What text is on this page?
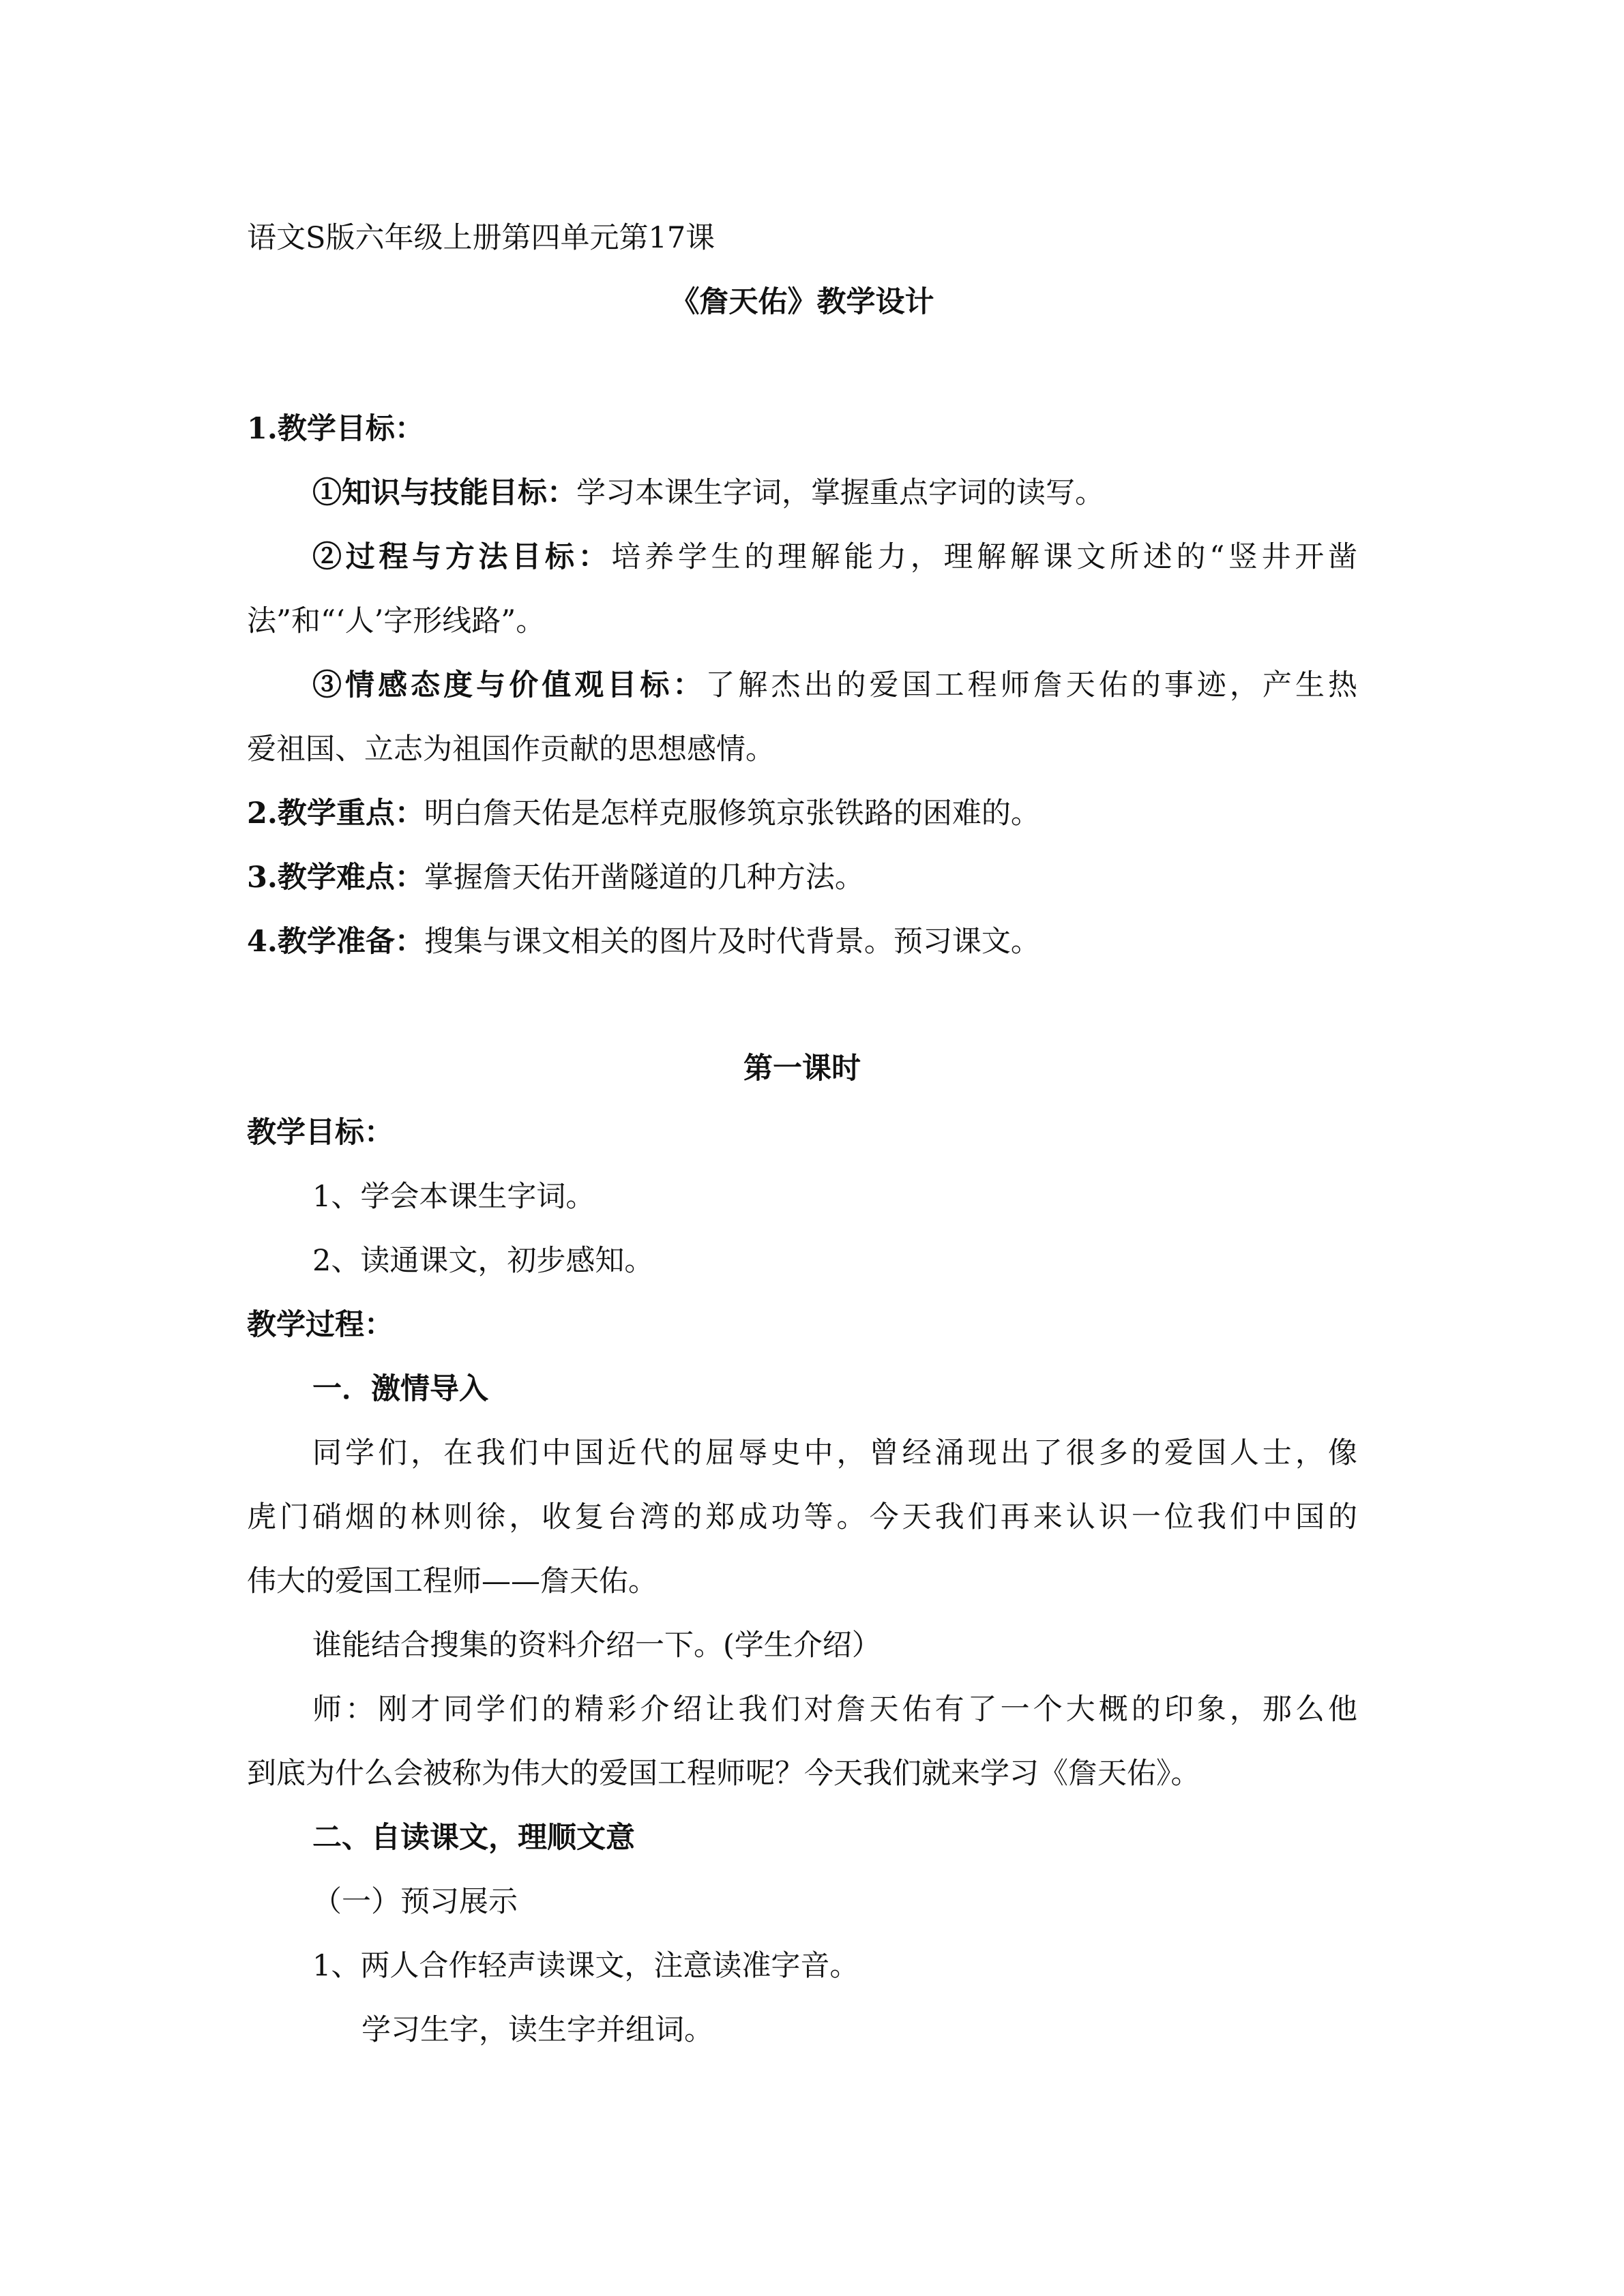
语文S版六年级上册第四单元第17课
《詹天佑》教学设计
1.教学目标：
①知识与技能目标：学习本课生字词，掌握重点字词的读写。
②过程与方法目标：培养学生的理解能力，理解解课文所述的“竖井开凿
法”和“‘人’字形线路”。
③情感态度与价值观目标：了解杰出的爱国工程师詹天佑的事迹，产生热
爱祖国、立志为祖国作贡献的思想感情。
2.教学重点：明白詹天佑是怎样克服修筑京张铁路的困难的。
3.教学难点：掌握詹天佑开凿隧道的几种方法。
4.教学准备：搜集与课文相关的图片及时代背景。预习课文。
第一课时
教学目标：
1、学会本课生字词。
2、读通课文，初步感知。
教学过程：
一．激情导入
同学们，在我们中国近代的屈辱史中，曾经涌现出了很多的爱国人士，像
虎门硝烟的林则徐，收复台湾的郑成功等。今天我们再来认识一位我们中国的
伟大的爱国工程师——詹天佑。
谁能结合搜集的资料介绍一下。(学生介绍）
师：刚才同学们的精彩介绍让我们对詹天佑有了一个大概的印象，那么他
到底为什么会被称为伟大的爱国工程师呢？今天我们就来学习《詹天佑》。
二、自读课文，理顺文意
（一）预习展示
1、两人合作轻声读课文，注意读准字音。
学习生字，读生字并组词。
